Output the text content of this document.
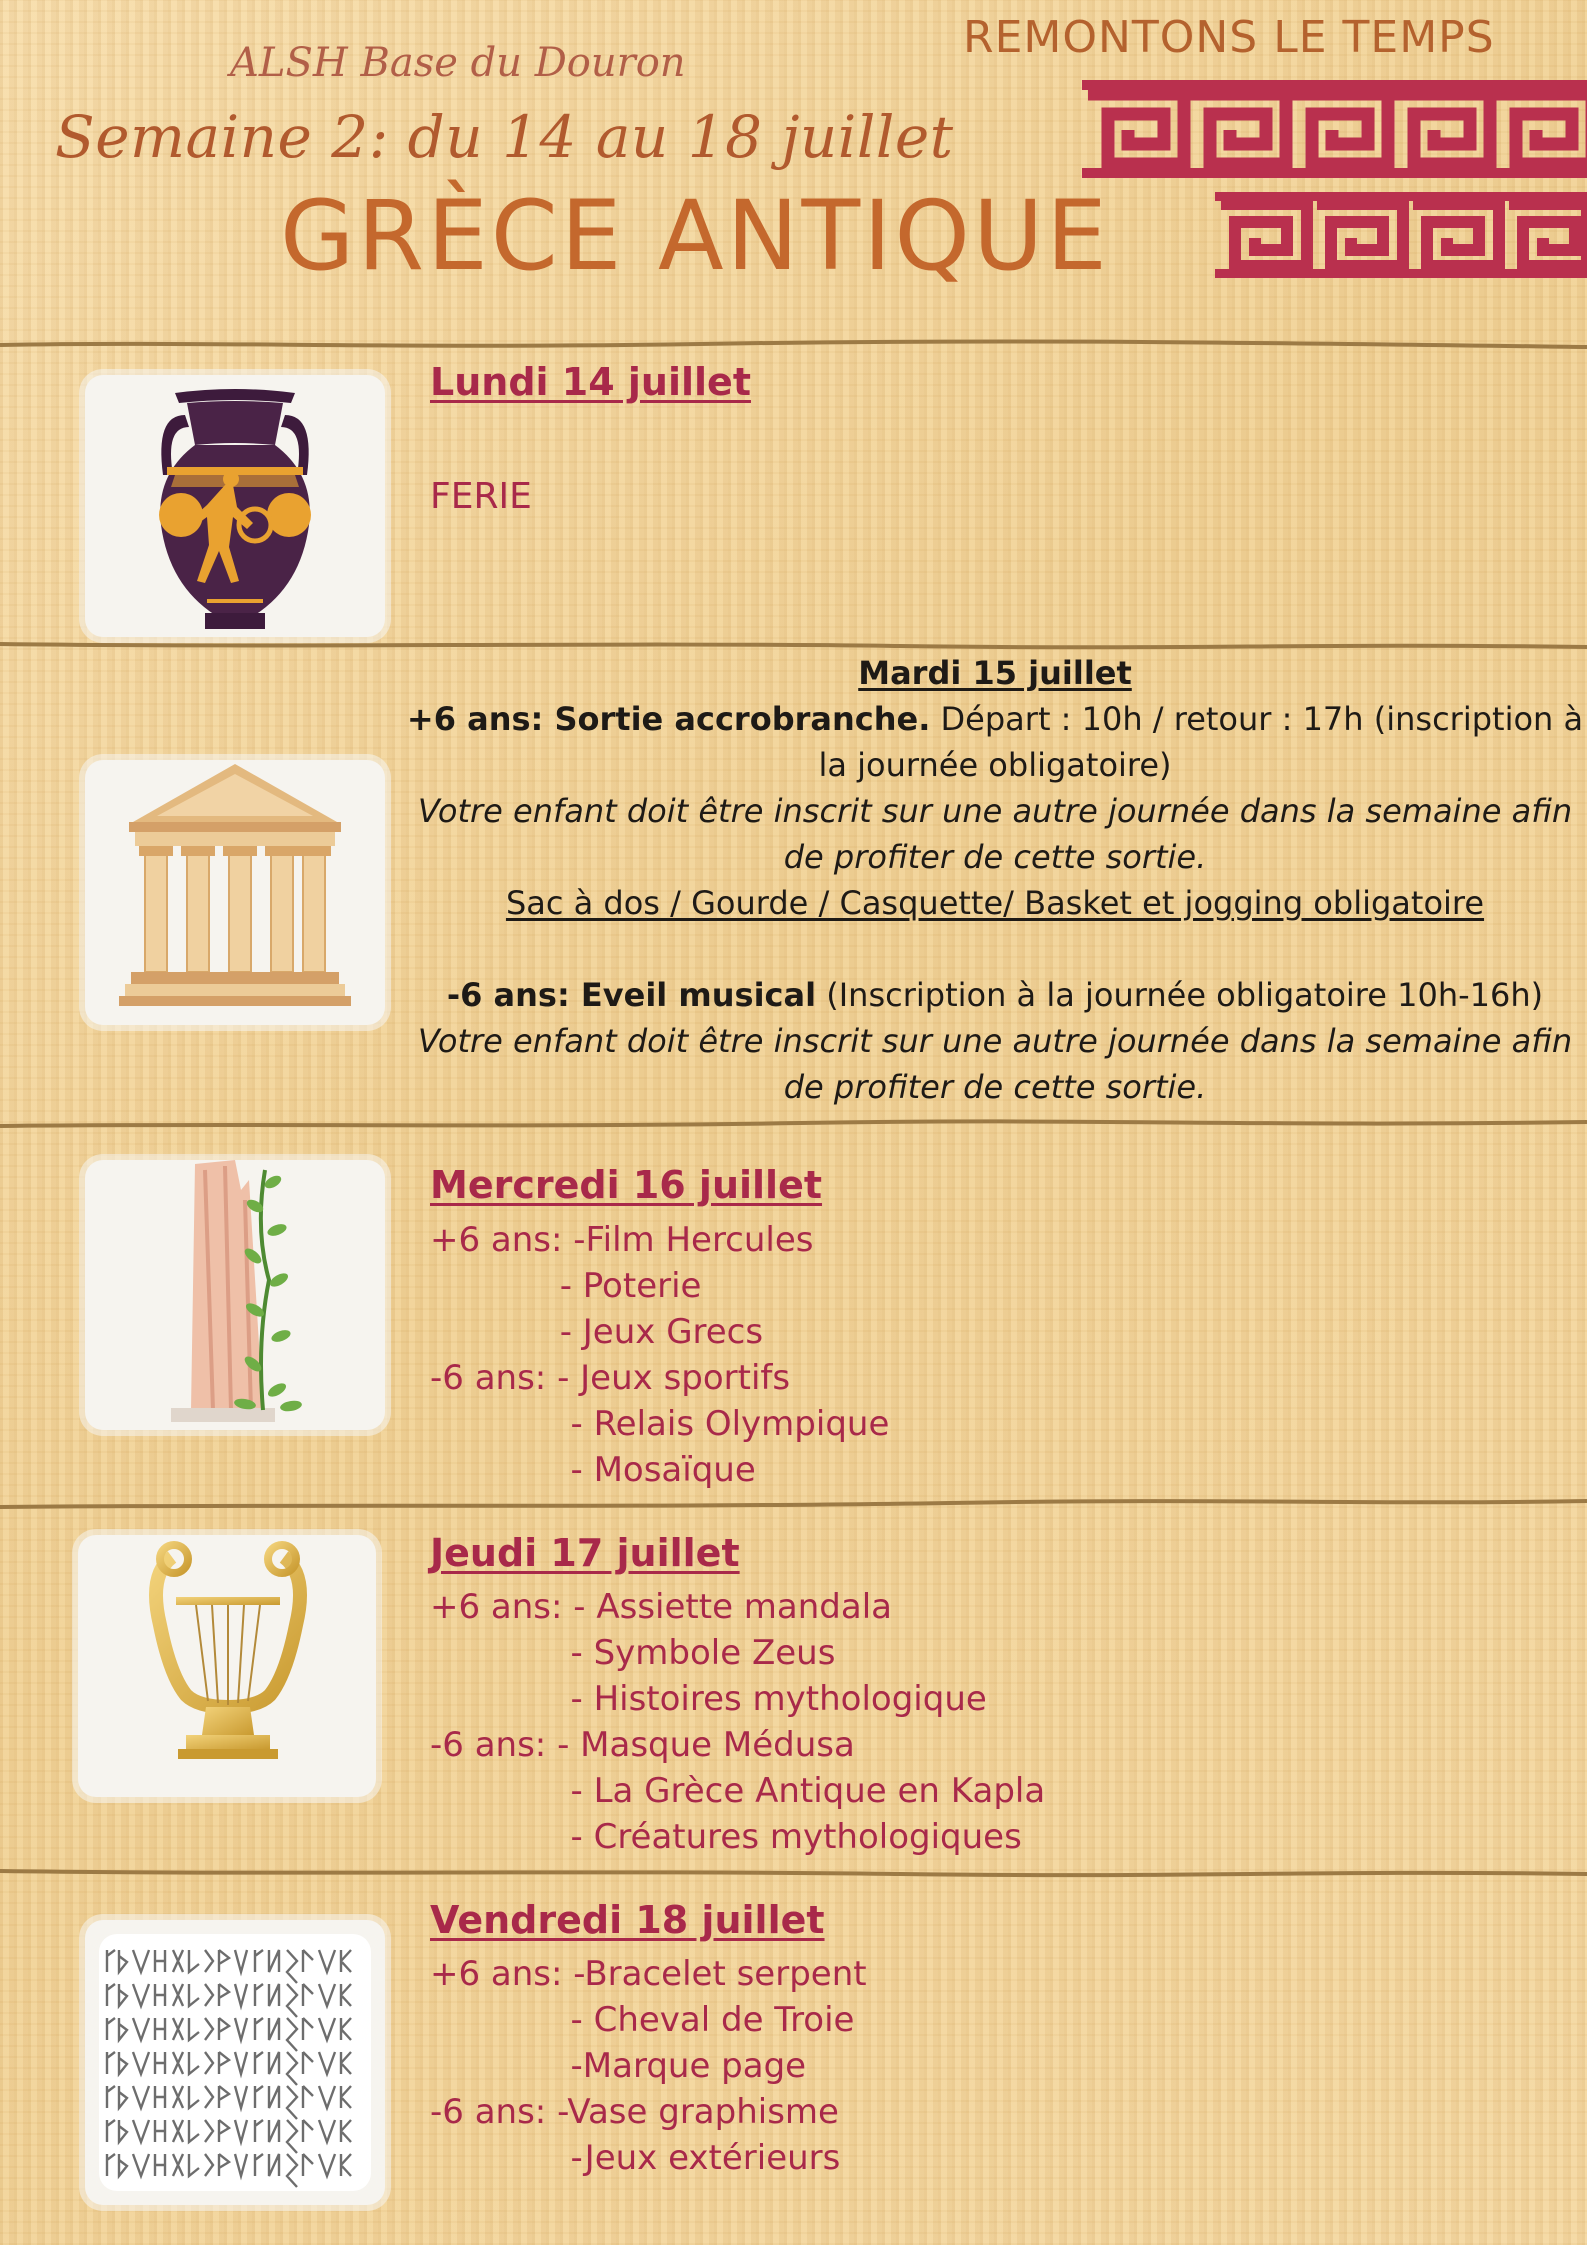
ALSH Base du Douron
Semaine 2: du 14 au 18 juillet
GRÈCE ANTIQUE
REMONTONS LE TEMPS
Lundi 14 juillet
FERIE
Mardi 15 juillet
+6 ans: Sortie accrobranche. Départ : 10h / retour : 17h (inscription à la journée obligatoire)
Votre enfant doit être inscrit sur une autre journée dans la semaine afin de profiter de cette sortie.
Sac à dos / Gourde / Casquette/ Basket et jogging obligatoire

-6 ans: Eveil musical (Inscription à la journée obligatoire 10h-16h)
Votre enfant doit être inscrit sur une autre journée dans la semaine afin de profiter de cette sortie.
Mercredi 16 juillet
+6 ans: -Film Hercules
- Poterie
- Jeux Grecs
-6 ans: - Jeux sportifs
- Relais Olympique
- Mosaïque
Jeudi 17 juillet
+6 ans: - Assiette mandala
- Symbole Zeus
- Histoires mythologique
-6 ans: - Masque Médusa
- La Grèce Antique en Kapla
- Créatures mythologiques
Vendredi 18 juillet
+6 ans: -Bracelet serpent
- Cheval de Troie
-Marque page
-6 ans: -Vase graphisme
-Jeux extérieurs
